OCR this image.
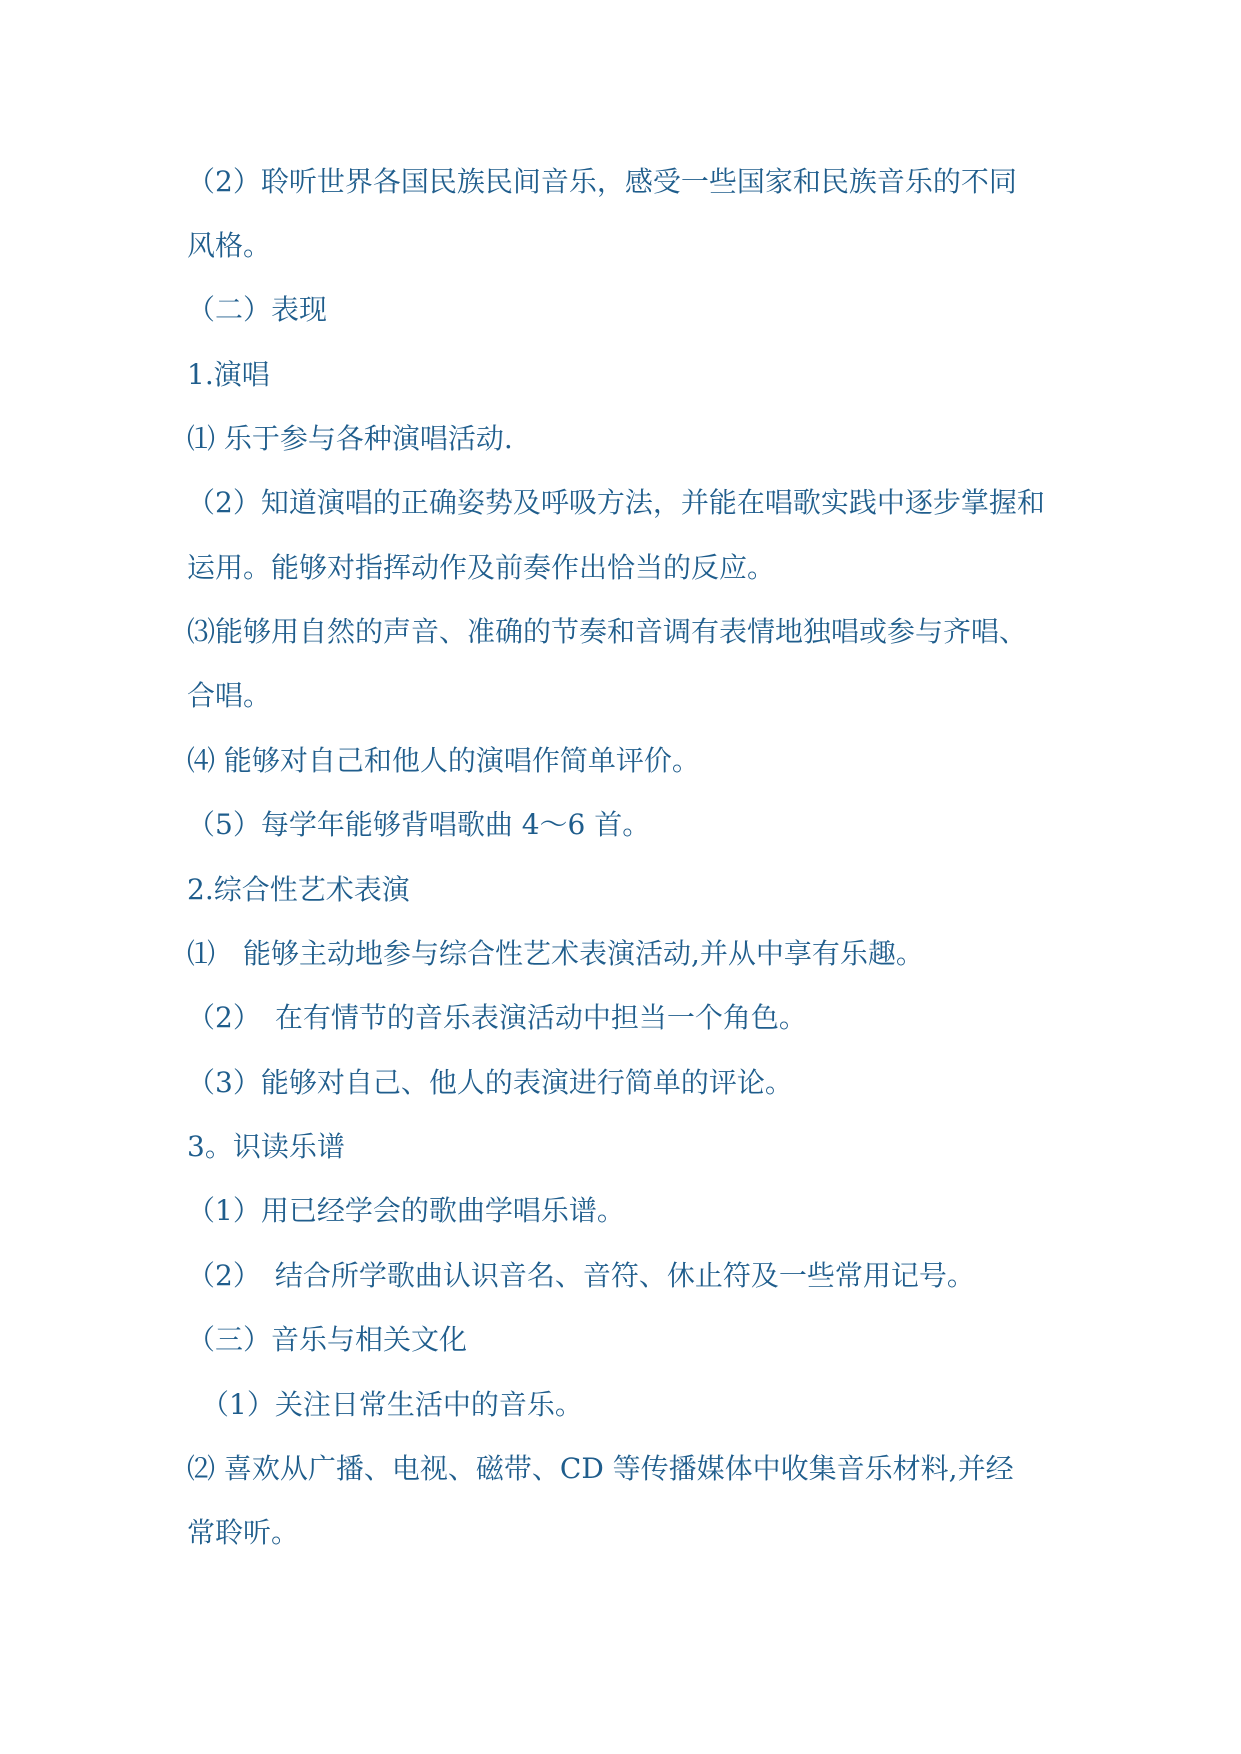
（2）聆听世界各国民族民间音乐，感受一些国家和民族音乐的不同
风格。
（二）表现
1.演唱
⑴ 乐于参与各种演唱活动.
（2）知道演唱的正确姿势及呼吸方法，并能在唱歌实践中逐步掌握和
运用。能够对指挥动作及前奏作出恰当的反应。
⑶能够用自然的声音、准确的节奏和音调有表情地独唱或参与齐唱、
合唱。
⑷ 能够对自己和他人的演唱作简单评价。
（5）每学年能够背唱歌曲 4～6 首。
2.综合性艺术表演
⑴　能够主动地参与综合性艺术表演活动,并从中享有乐趣。
（2）　在有情节的音乐表演活动中担当一个角色。
（3）能够对自己、他人的表演进行简单的评论。
3。识读乐谱
（1）用已经学会的歌曲学唱乐谱。
（2）　结合所学歌曲认识音名、音符、休止符及一些常用记号。
（三）音乐与相关文化
　（1）关注日常生活中的音乐。
⑵ 喜欢从广播、电视、磁带、CD 等传播媒体中收集音乐材料,并经
常聆听。
